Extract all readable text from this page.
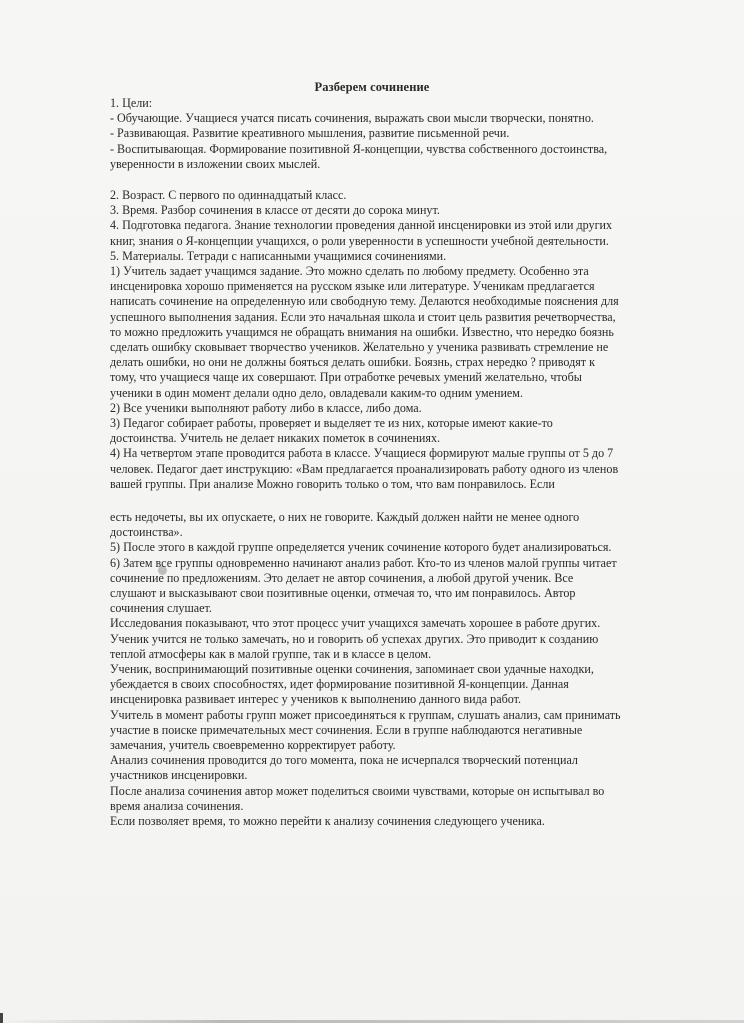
Разберем сочинение
1. Цели:
- Обучающие. Учащиеся учатся писать сочинения, выражать свои мысли творчески, понятно.
- Развивающая. Развитие креативного мышления, развитие письменной речи.
- Воспитывающая. Формирование позитивной Я-концепции, чувства собственного достоинства,
уверенности в изложении своих мыслей.
2. Возраст. С первого по одиннадцатый класс.
3. Время. Разбор сочинения в классе от десяти до сорока минут.
4. Подготовка педагога. Знание технологии проведения данной инсценировки из этой или других
книг, знания о Я-концепции учащихся, о роли уверенности в успешности учебной деятельности.
5. Материалы. Тетради с написанными учащимися сочинениями.
1) Учитель задает учащимся задание. Это можно сделать по любому предмету. Особенно эта
инсценировка хорошо применяется на русском языке или литературе. Ученикам предлагается
написать сочинение на определенную или свободную тему. Делаются необходимые пояснения для
успешного выполнения задания. Если это начальная школа и стоит цель развития речетворчества,
то можно предложить учащимся не обращать внимания на ошибки. Известно, что нередко боязнь
сделать ошибку сковывает творчество учеников. Желательно у ученика развивать стремление не
делать ошибки, но они не должны бояться делать ошибки. Боязнь, страх нередко ? приводят к
тому, что учащиеся чаще их совершают. При отработке речевых умений желательно, чтобы
ученики в один момент делали одно дело, овладевали каким-то одним умением.
2) Все ученики выполняют работу либо в классе, либо дома.
3) Педагог собирает работы, проверяет и выделяет те из них, которые имеют какие-то
достоинства. Учитель не делает никаких пометок в сочинениях.
4) На четвертом этапе проводится работа в классе. Учащиеся формируют малые группы от 5 до 7
человек. Педагог дает инструкцию: «Вам предлагается проанализировать работу одного из членов
вашей группы. При анализе Можно говорить только о том, что вам понравилось. Если
есть недочеты, вы их опускаете, о них не говорите. Каждый должен найти не менее одного
достоинства».
5) После этого в каждой группе определяется ученик сочинение которого будет анализироваться.
6) Затем все группы одновременно начинают анализ работ. Кто-то из членов малой группы читает
сочинение по предложениям. Это делает не автор сочинения, а любой другой ученик. Все
слушают и высказывают свои позитивные оценки, отмечая то, что им понравилось. Автор
сочинения слушает.
Исследования показывают, что этот процесс учит учащихся замечать хорошее в работе других.
Ученик учится не только замечать, но и говорить об успехах других. Это приводит к созданию
теплой атмосферы как в малой группе, так и в классе в целом.
Ученик, воспринимающий позитивные оценки сочинения, запоминает свои удачные находки,
убеждается в своих способностях, идет формирование позитивной Я-концепции. Данная
инсценировка развивает интерес у учеников к выполнению данного вида работ.
Учитель в момент работы групп может присоединяться к группам, слушать анализ, сам принимать
участие в поиске примечательных мест сочинения. Если в группе наблюдаются негативные
замечания, учитель своевременно корректирует работу.
Анализ сочинения проводится до того момента, пока не исчерпался творческий потенциал
участников инсценировки.
После анализа сочинения автор может поделиться своими чувствами, которые он испытывал во
время анализа сочинения.
Если позволяет время, то можно перейти к анализу сочинения следующего ученика.
